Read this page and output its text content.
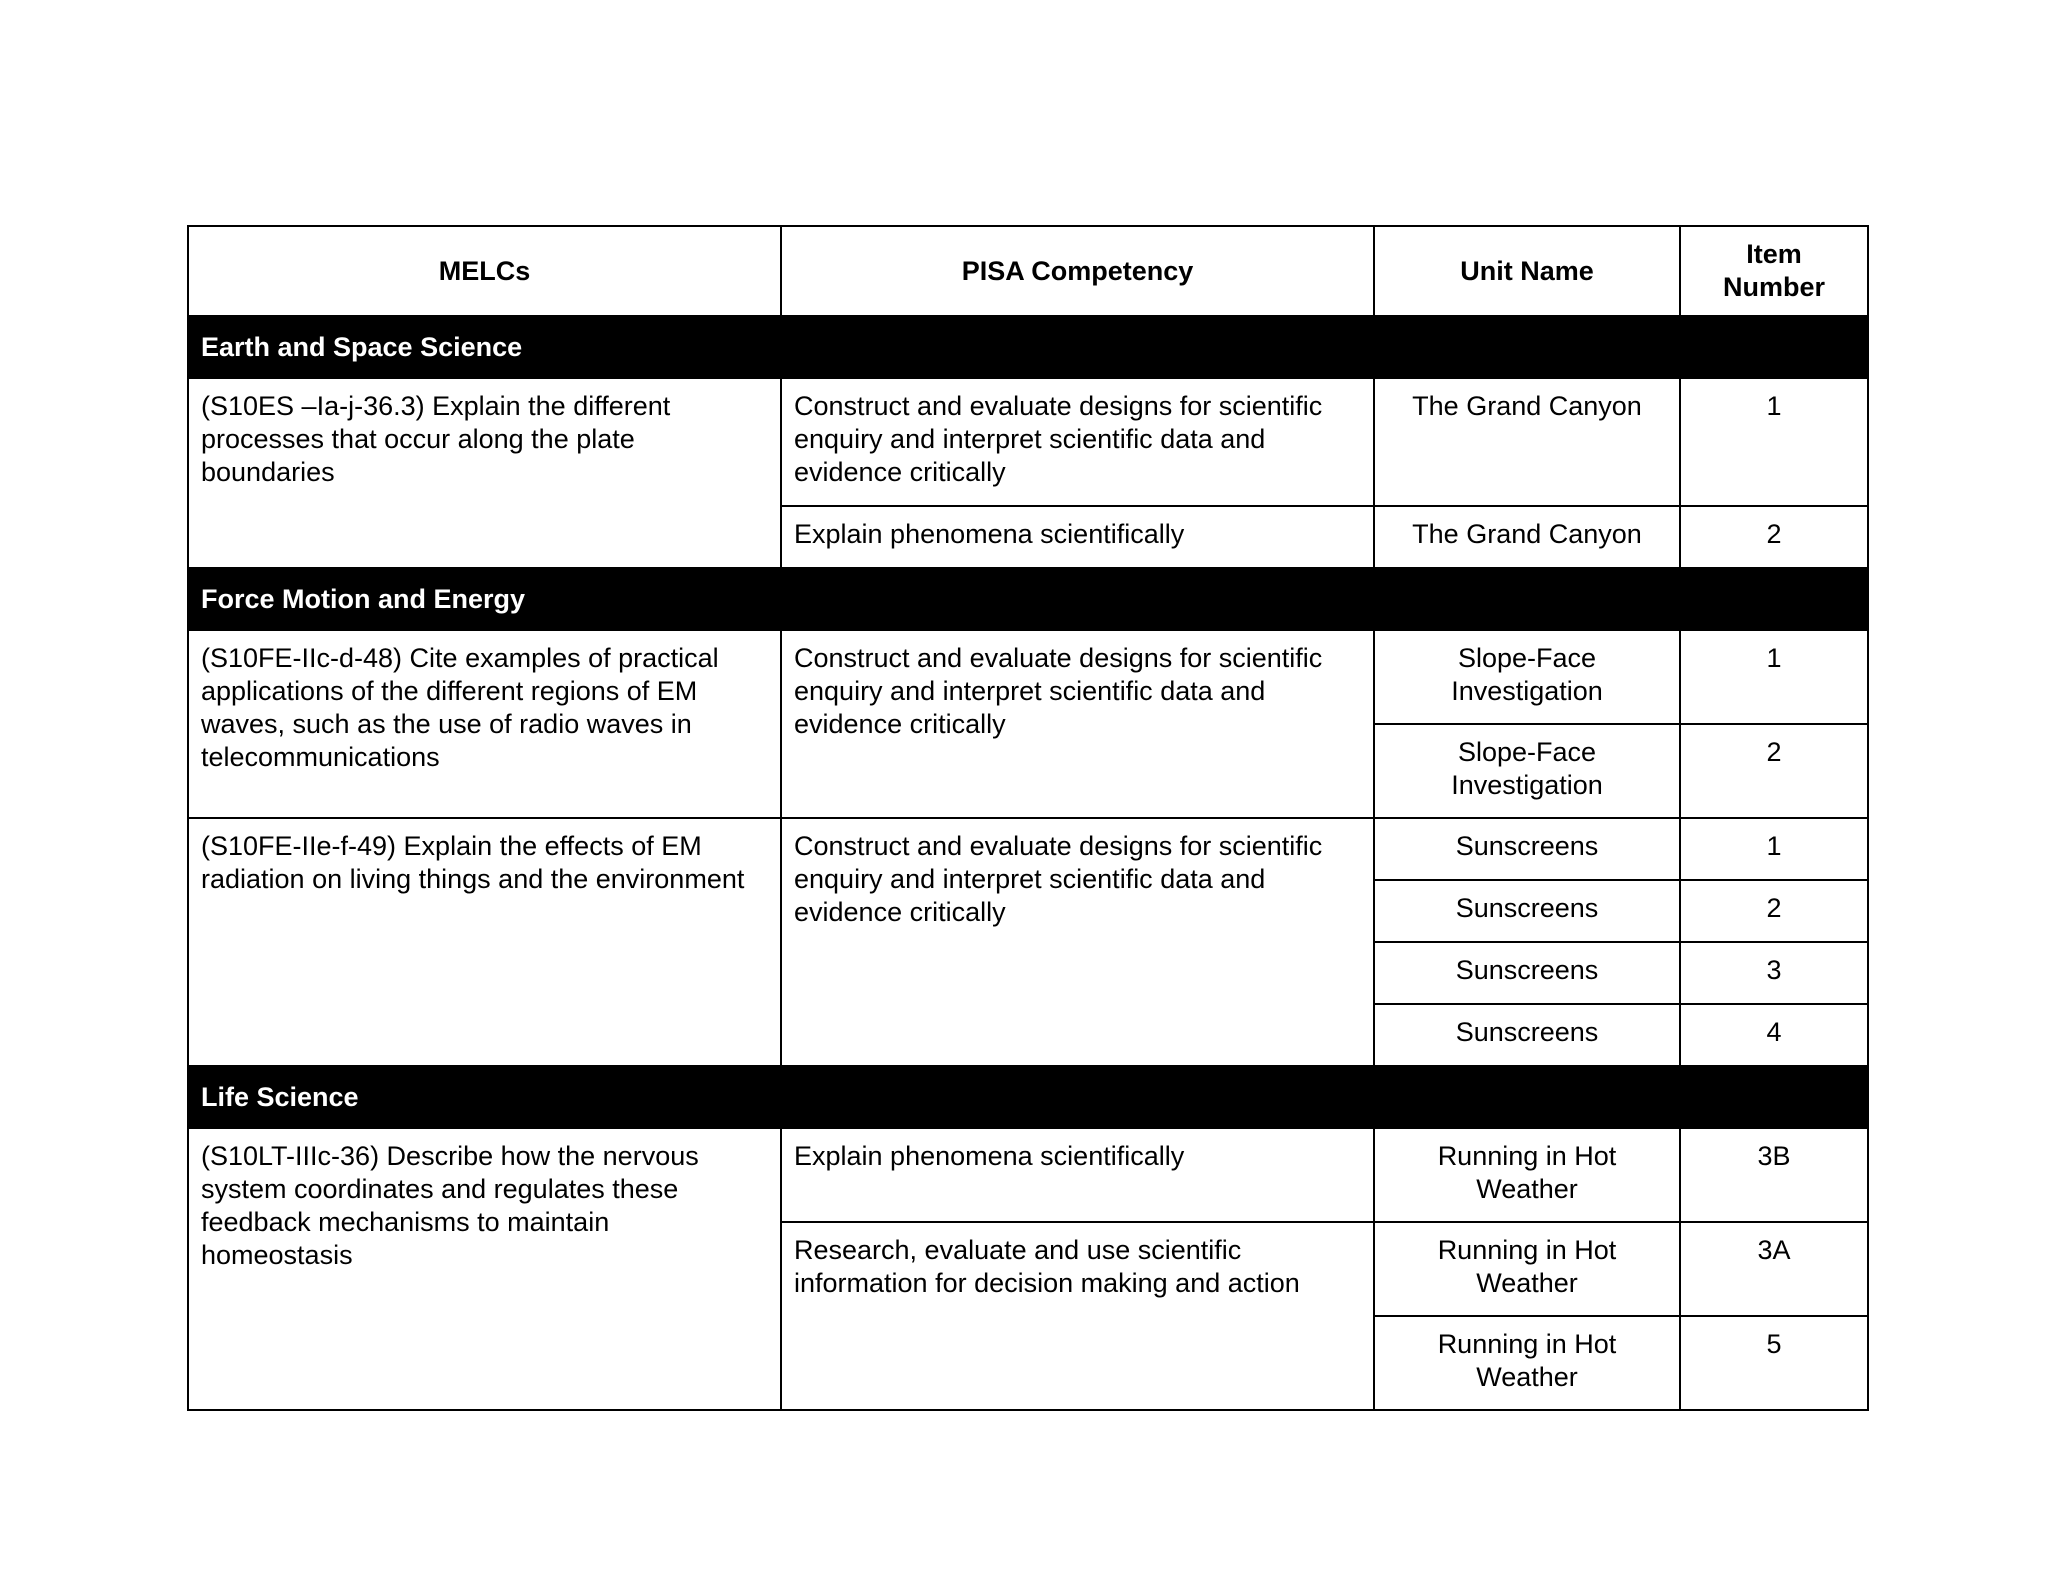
MELCs	PISA Competency	Unit Name	Item Number
Earth and Space Science			
(S10ES –Ia-j-36.3) Explain the different processes that occur along the plate boundaries	Construct and evaluate designs for scientific enquiry and interpret scientific data and evidence critically	The Grand Canyon	1
	Explain phenomena scientifically	The Grand Canyon	2
Force Motion and Energy			
(S10FE-IIc-d-48) Cite examples of practical applications of the different regions of EM waves, such as the use of radio waves in telecommunications	Construct and evaluate designs for scientific enquiry and interpret scientific data and evidence critically	Slope-Face Investigation	1
		Slope-Face Investigation	2
(S10FE-IIe-f-49) Explain the effects of EM radiation on living things and the environment	Construct and evaluate designs for scientific enquiry and interpret scientific data and evidence critically	Sunscreens	1
		Sunscreens	2
		Sunscreens	3
		Sunscreens	4
Life Science			
(S10LT-IIIc-36) Describe how the nervous system coordinates and regulates these feedback mechanisms to maintain homeostasis	Explain phenomena scientifically	Running in Hot Weather	3B
	Research, evaluate and use scientific information for decision making and action	Running in Hot Weather	3A
		Running in Hot Weather	5
